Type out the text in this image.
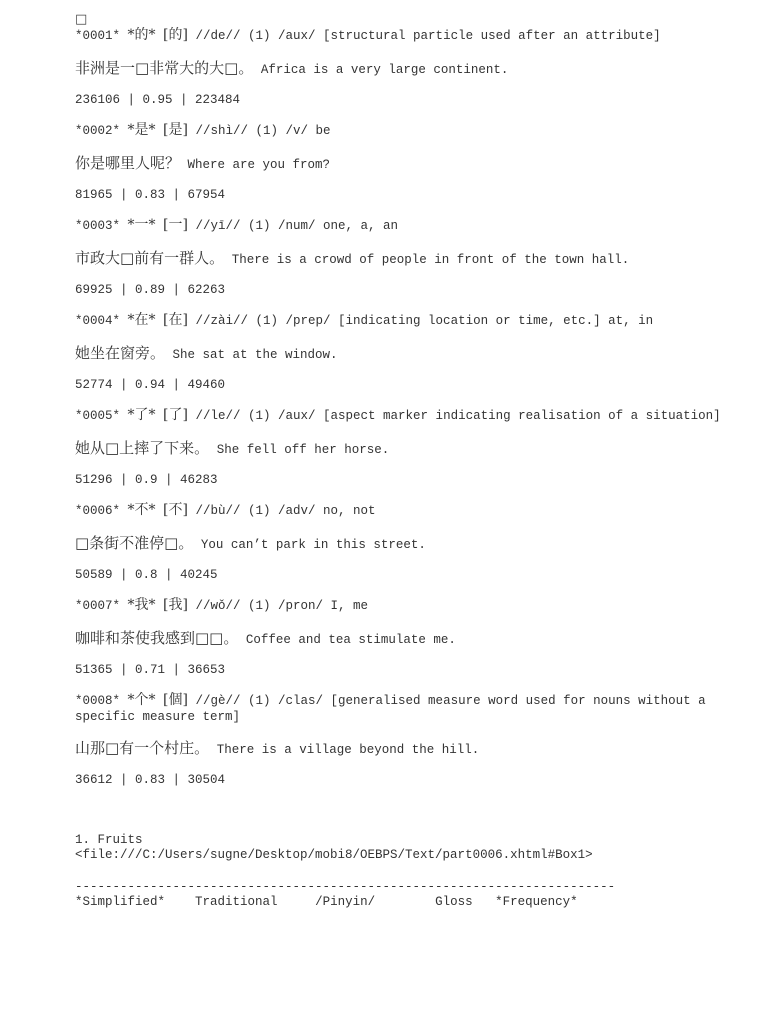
□
*0001* *的* [的] //de// (1) /aux/ [structural particle used after an attribute]
非洲是一□非常大的大□。 Africa is a very large continent.
236106 | 0.95 | 223484
*0002* *是* [是] //shì// (1) /v/ be
你是哪里人呢？ Where are you from?
81965 | 0.83 | 67954
*0003* *一* [一] //yī// (1) /num/ one, a, an
市政大□前有一群人。 There is a crowd of people in front of the town hall.
69925 | 0.89 | 62263
*0004* *在* [在] //zài// (1) /prep/ [indicating location or time, etc.] at, in
她坐在窗旁。 She sat at the window.
52774 | 0.94 | 49460
*0005* *了* [了] //le// (1) /aux/ [aspect marker indicating realisation of a situation]
她从□上摔了下来。 She fell off her horse.
51296 | 0.9 | 46283
*0006* *不* [不] //bù// (1) /adv/ no, not
□条街不准停□。 You can’t park in this street.
50589 | 0.8 | 40245
*0007* *我* [我] //wǒ// (1) /pron/ I, me
咖啡和茶使我感到□□。 Coffee and tea stimulate me.
51365 | 0.71 | 36653
*0008* *个* [個] //gè// (1) /clas/ [generalised measure word used for nouns without a specific measure term]
山那□有一个村庄。 There is a village beyond the hill.
36612 | 0.83 | 30504
1. Fruits
<file:///C:/Users/sugne/Desktop/mobi8/OEBPS/Text/part0006.xhtml#Box1>
------------------------------------------------------------------------
*Simplified* Traditional	/Pinyin/	Gloss *Frequency*
